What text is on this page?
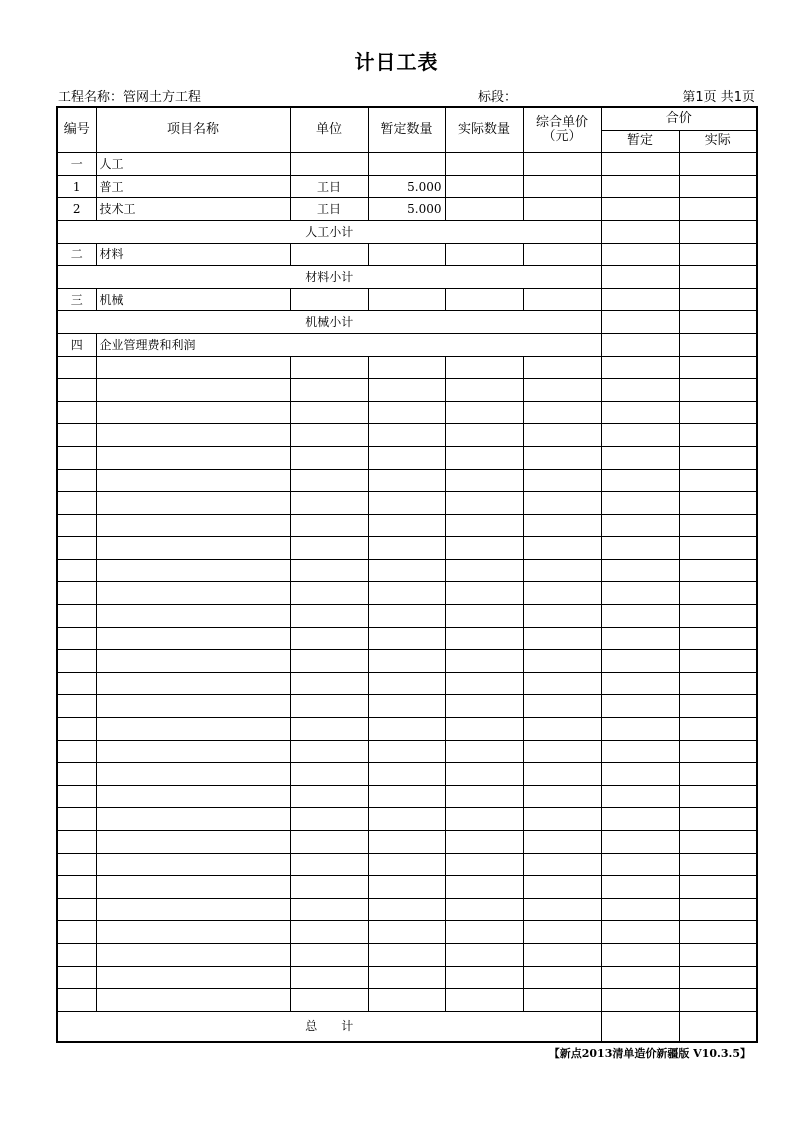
计日工表
工程名称：管网土方工程	标段：	第1页 共1页
编号	项目名称	单位	暂定数量	实际数量	综合单价
（元）	合价	
						暂定	实际
一	人工						
1	普工	工日	5.000				
2	技术工	工日	5.000				
人工小计							
二	材料						
材料小计							
三	机械						
机械小计							
四	企业管理费和利润						

总　　计							
【新点2013清单造价新疆版 V10.3.5】
